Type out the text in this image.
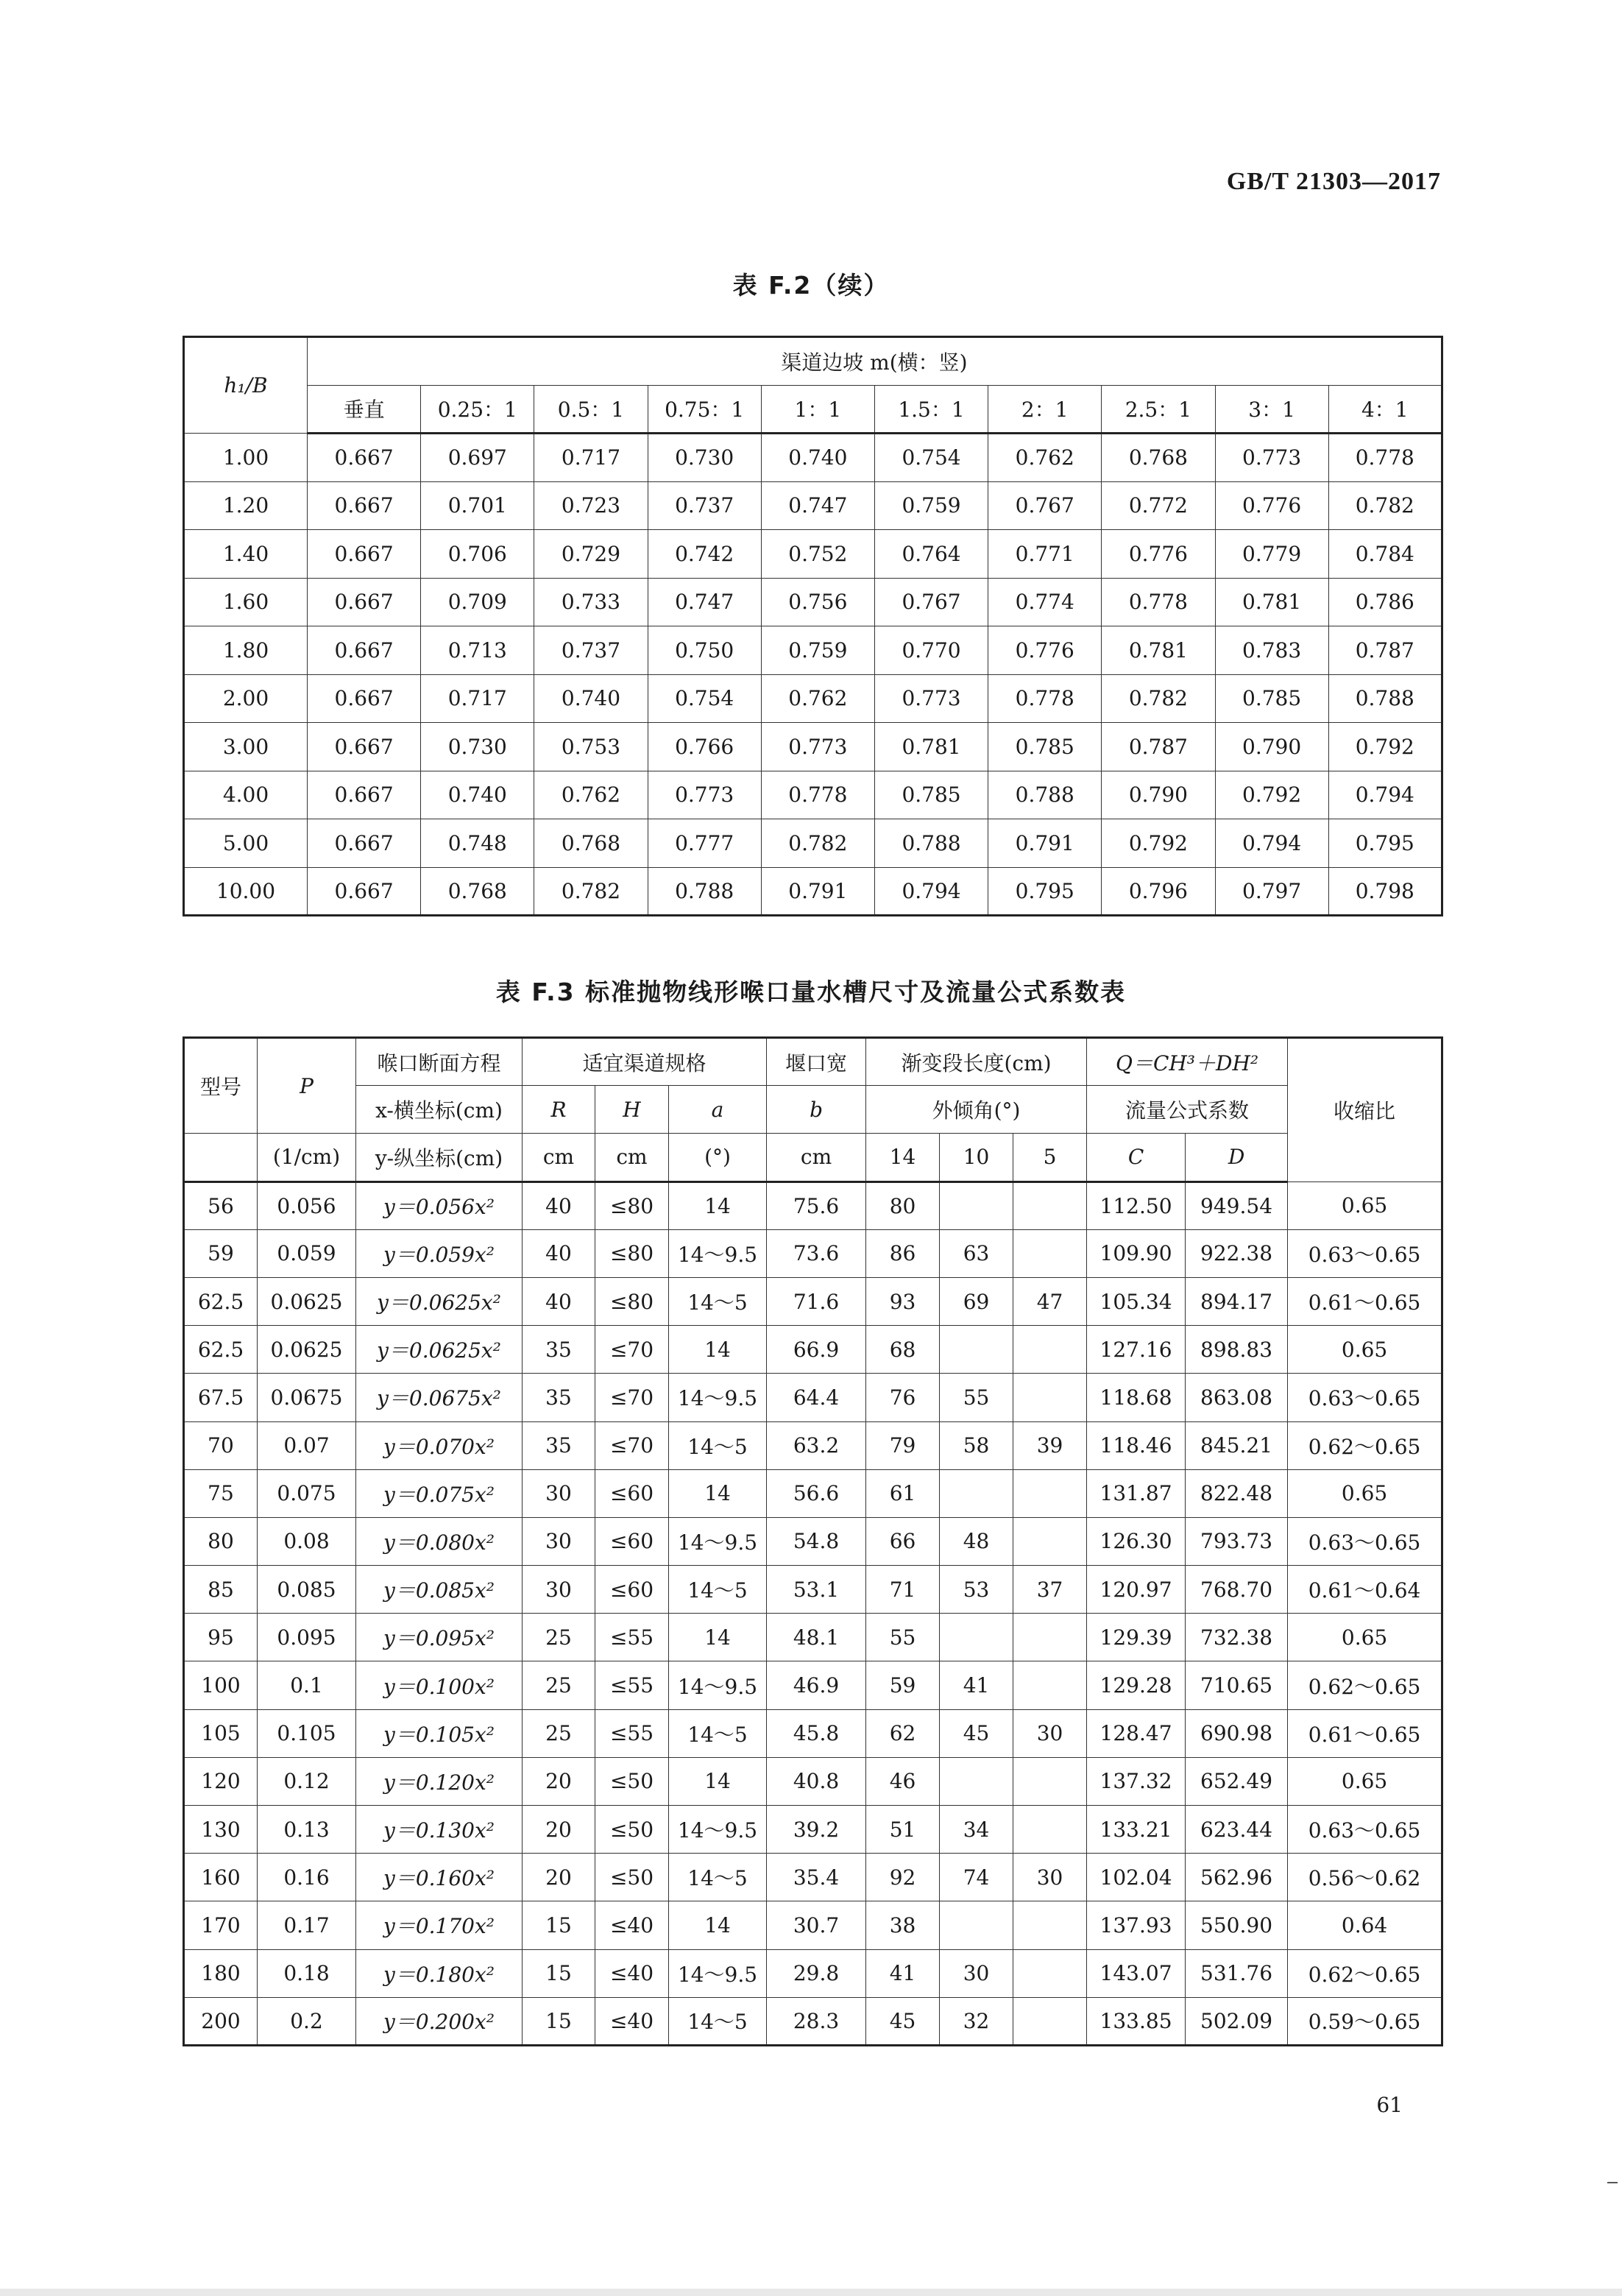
GB/T 21303—2017
表 F.2（续）
h₁/B	渠道边坡 m(横：竖)									
	垂直	0.25：1	0.5：1	0.75：1	1：1	1.5：1	2：1	2.5：1	3：1	4：1
1.00	0.667	0.697	0.717	0.730	0.740	0.754	0.762	0.768	0.773	0.778
1.20	0.667	0.701	0.723	0.737	0.747	0.759	0.767	0.772	0.776	0.782
1.40	0.667	0.706	0.729	0.742	0.752	0.764	0.771	0.776	0.779	0.784
1.60	0.667	0.709	0.733	0.747	0.756	0.767	0.774	0.778	0.781	0.786
1.80	0.667	0.713	0.737	0.750	0.759	0.770	0.776	0.781	0.783	0.787
2.00	0.667	0.717	0.740	0.754	0.762	0.773	0.778	0.782	0.785	0.788
3.00	0.667	0.730	0.753	0.766	0.773	0.781	0.785	0.787	0.790	0.792
4.00	0.667	0.740	0.762	0.773	0.778	0.785	0.788	0.790	0.792	0.794
5.00	0.667	0.748	0.768	0.777	0.782	0.788	0.791	0.792	0.794	0.795
10.00	0.667	0.768	0.782	0.788	0.791	0.794	0.795	0.796	0.797	0.798
表 F.3 标准抛物线形喉口量水槽尺寸及流量公式系数表
型号	P	喉口断面方程	适宜渠道规格			堰口宽	渐变段长度(cm)			Q＝CH³＋DH²		收缩比
		x-横坐标(cm)	R	H	a	b	外倾角(°)			流量公式系数		
	(1/cm)	y-纵坐标(cm)	cm	cm	(°)	cm	14	10	5	C	D	
56	0.056	y＝0.056x²	40	≤80	14	75.6	80			112.50	949.54	0.65
59	0.059	y＝0.059x²	40	≤80	14～9.5	73.6	86	63		109.90	922.38	0.63～0.65
62.5	0.0625	y＝0.0625x²	40	≤80	14～5	71.6	93	69	47	105.34	894.17	0.61～0.65
62.5	0.0625	y＝0.0625x²	35	≤70	14	66.9	68			127.16	898.83	0.65
67.5	0.0675	y＝0.0675x²	35	≤70	14～9.5	64.4	76	55		118.68	863.08	0.63～0.65
70	0.07	y＝0.070x²	35	≤70	14～5	63.2	79	58	39	118.46	845.21	0.62～0.65
75	0.075	y＝0.075x²	30	≤60	14	56.6	61			131.87	822.48	0.65
80	0.08	y＝0.080x²	30	≤60	14～9.5	54.8	66	48		126.30	793.73	0.63～0.65
85	0.085	y＝0.085x²	30	≤60	14～5	53.1	71	53	37	120.97	768.70	0.61～0.64
95	0.095	y＝0.095x²	25	≤55	14	48.1	55			129.39	732.38	0.65
100	0.1	y＝0.100x²	25	≤55	14～9.5	46.9	59	41		129.28	710.65	0.62～0.65
105	0.105	y＝0.105x²	25	≤55	14～5	45.8	62	45	30	128.47	690.98	0.61～0.65
120	0.12	y＝0.120x²	20	≤50	14	40.8	46			137.32	652.49	0.65
130	0.13	y＝0.130x²	20	≤50	14～9.5	39.2	51	34		133.21	623.44	0.63～0.65
160	0.16	y＝0.160x²	20	≤50	14～5	35.4	92	74	30	102.04	562.96	0.56～0.62
170	0.17	y＝0.170x²	15	≤40	14	30.7	38			137.93	550.90	0.64
180	0.18	y＝0.180x²	15	≤40	14～9.5	29.8	41	30		143.07	531.76	0.62～0.65
200	0.2	y＝0.200x²	15	≤40	14～5	28.3	45	32		133.85	502.09	0.59～0.65
61
